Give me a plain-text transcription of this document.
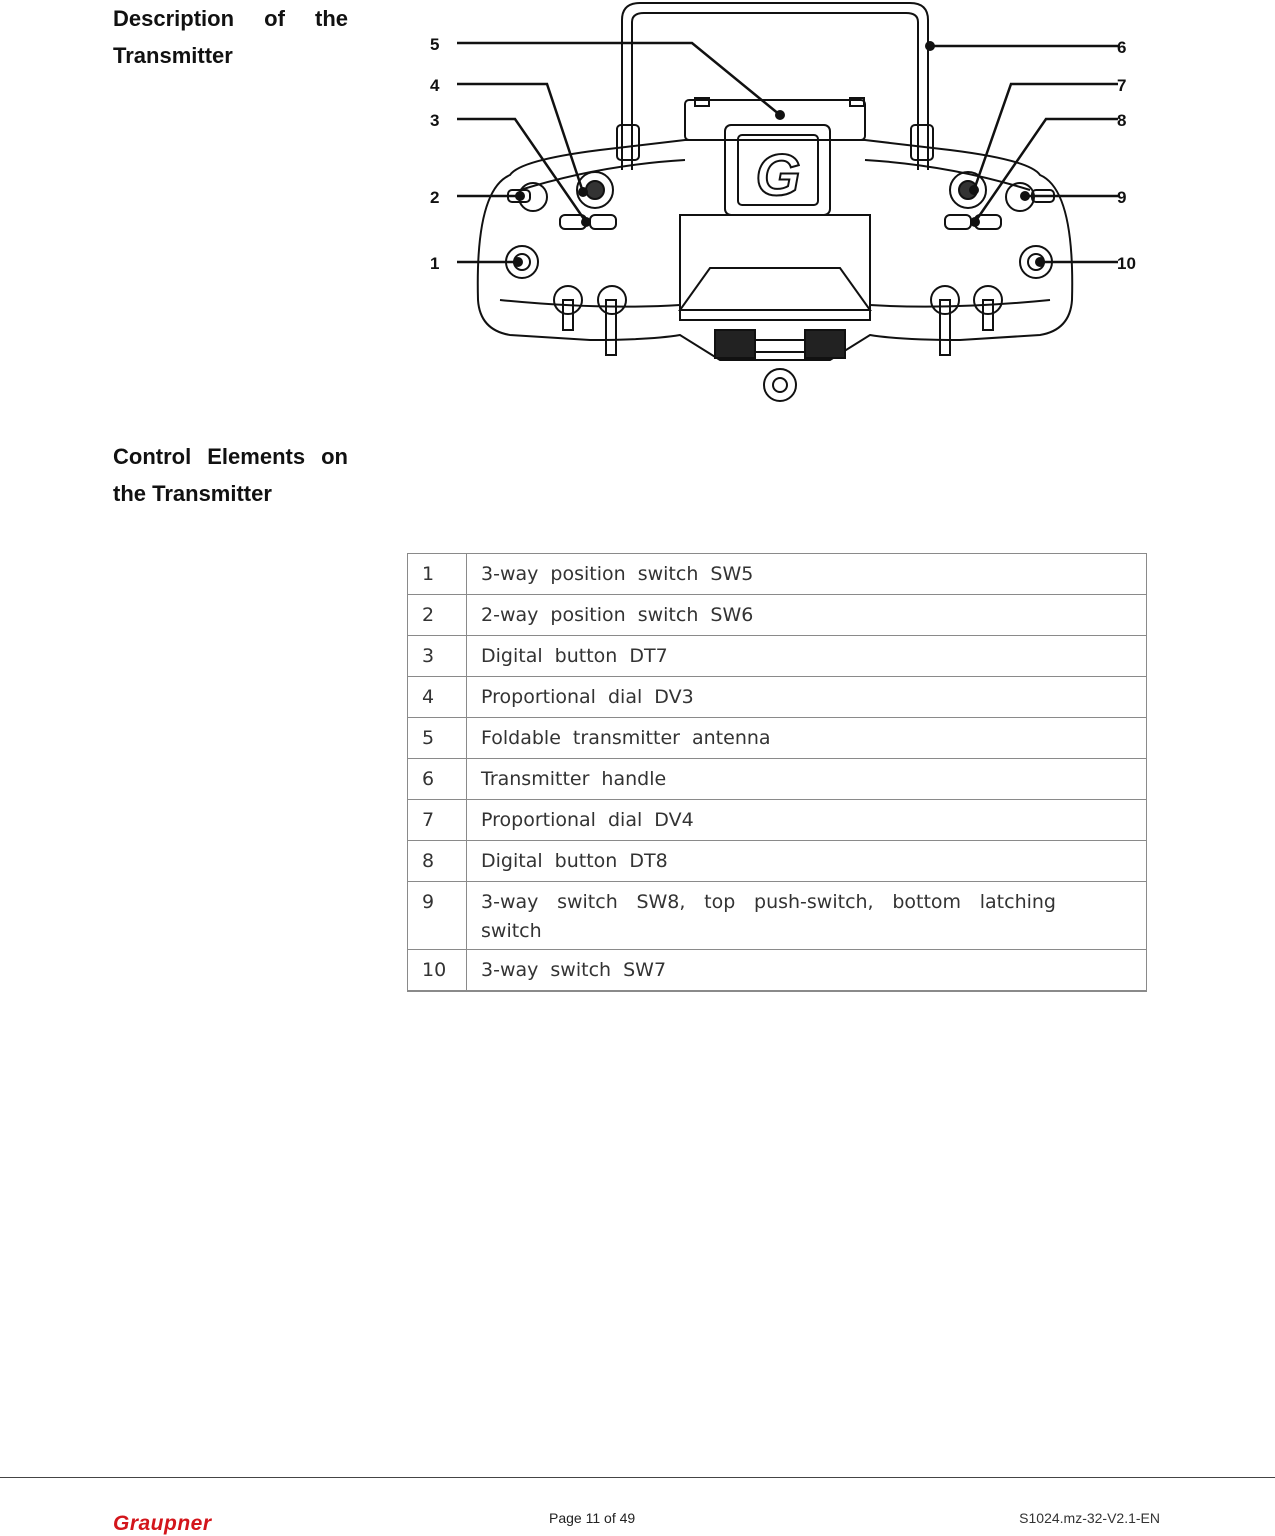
Description of the Transmitter
G
1
2
3
4
5	6
7
8
9
10
Control Elements on the Transmitter
1	3-way position switch SW5
2	2-way position switch SW6
3	Digital button DT7
4	Proportional dial DV3
5	Foldable transmitter antenna
6	Transmitter handle
7	Proportional dial DV4
8	Digital button DT8
9	3-way switch SW8, top push-switch, bottom latching switch
10	3-way switch SW7
Graupner	Page 11 of 49	S1024.mz-32-V2.1-EN
